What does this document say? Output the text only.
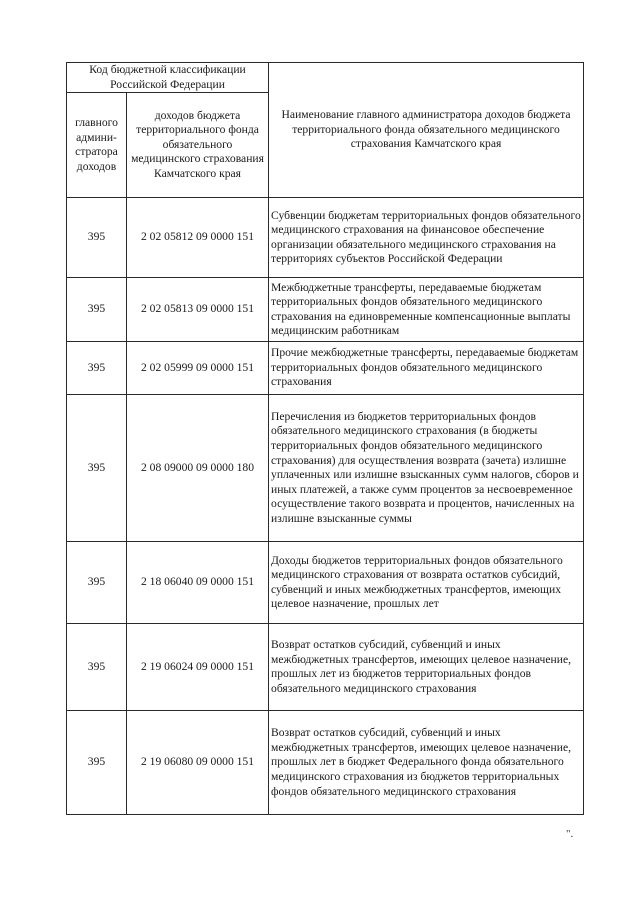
Код бюджетной классификации Российской Федерации		Наименование главного администратора доходов бюджета территориального фонда обязательного медицинского страхования Камчатского края
главного админи-стратора доходов	доходов бюджета территориального фонда обязательного медицинского страхования Камчатского края	
395	2 02 05812 09 0000 151	Субвенции бюджетам территориальных фондов обязательного медицинского страхования на финансовое обеспечение организации обязательного медицинского страхования на территориях субъектов Российской Федерации
395	2 02 05813 09 0000 151	Межбюджетные трансферты, передаваемые бюджетам территориальных фондов обязательного медицинского страхования на единовременные компенсационные выплаты медицинским работникам
395	2 02 05999 09 0000 151	Прочие межбюджетные трансферты, передаваемые бюджетам территориальных фондов обязательного медицинского страхования
395	2 08 09000 09 0000 180	Перечисления из бюджетов территориальных фондов обязательного медицинского страхования (в бюджеты территориальных фондов обязательного медицинского страхования) для осуществления возврата (зачета) излишне уплаченных или излишне взысканных сумм налогов, сборов и иных платежей, а также сумм процентов за несвоевременное осуществление такого возврата и процентов, начисленных на излишне взысканные суммы
395	2 18 06040 09 0000 151	Доходы бюджетов территориальных фондов обязательного медицинского страхования от возврата остатков субсидий, субвенций и иных межбюджетных трансфертов, имеющих целевое назначение, прошлых лет
395	2 19 06024 09 0000 151	Возврат остатков субсидий, субвенций и иных межбюджетных трансфертов, имеющих целевое назначение, прошлых лет из бюджетов территориальных фондов обязательного медицинского страхования
395	2 19 06080 09 0000 151	Возврат остатков субсидий, субвенций и иных межбюджетных трансфертов, имеющих целевое назначение, прошлых лет в бюджет Федерального фонда обязательного медицинского страхования из бюджетов территориальных фондов обязательного медицинского страхования
".
